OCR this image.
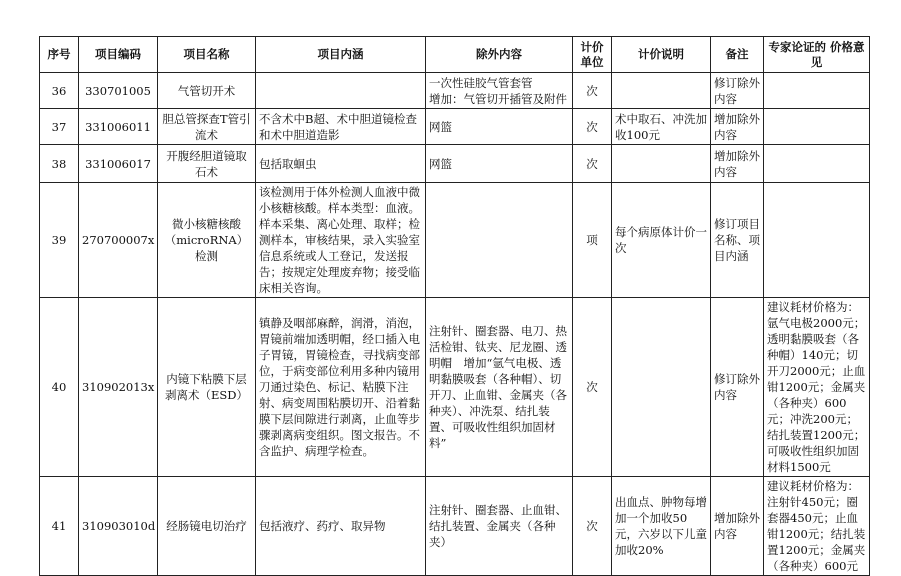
序号	项目编码	项目名称	项目内涵	除外内容	计价 单位	计价说明	备注	专家论证的 价格意见
36	330701005	气管切开术		一次性硅胶气管套管
增加：气管切开插管及附件	次		修订除外内容	
37	331006011	胆总管探查T管引流术	不含术中B超、术中胆道镜检查和术中胆道造影	网篮	次	术中取石、冲洗加收100元	增加除外内容	
38	331006017	开腹经胆道镜取石术	包括取蛔虫	网篮	次		增加除外内容	
39	270700007x	微小核糖核酸（microRNA）检测	该检测用于体外检测人血液中微小核糖核酸。样本类型：血液。样本采集、离心处理、取样；检测样本，审核结果，录入实验室信息系统或人工登记，发送报告；按规定处理废弃物；接受临床相关咨询。		项	每个病原体计价一次	修订项目名称、项目内涵	
40	310902013x	内镜下粘膜下层剥离术（ESD）	镇静及咽部麻醉，润滑，消泡，胃镜前端加透明帽，经口插入电子胃镜，胃镜检查，寻找病变部位，于病变部位利用多种内镜用刀通过染色、标记、粘膜下注射、病变周围粘膜切开、沿着黏膜下层间隙进行剥离，止血等步骤剥离病变组织。图文报告。不含监护、病理学检查。	注射针、圈套器、电刀、热活检钳、钛夹、尼龙圈、透明帽　增加“氩气电极、透明黏膜吸套（各种帽）、切开刀、止血钳、金属夹（各种夹）、冲洗泵、结扎装置、可吸收性组织加固材料”	次		修订除外内容	建议耗材价格为：氩气电极2000元；透明黏膜吸套（各种帽）140元；切开刀2000元；止血钳1200元；金属夹（各种夹）600元；冲洗200元；结扎装置1200元；可吸收性组织加固材料1500元
41	310903010d	经肠镜电切治疗	包括液疗、药疗、取异物	注射针、圈套器、止血钳、结扎装置、金属夹（各种夹）	次	出血点、肿物每增加一个加收50元，六岁以下儿童加收20%	增加除外内容	建议耗材价格为：注射针450元；圈套器450元；止血钳1200元；结扎装置1200元；金属夹（各种夹）600元
